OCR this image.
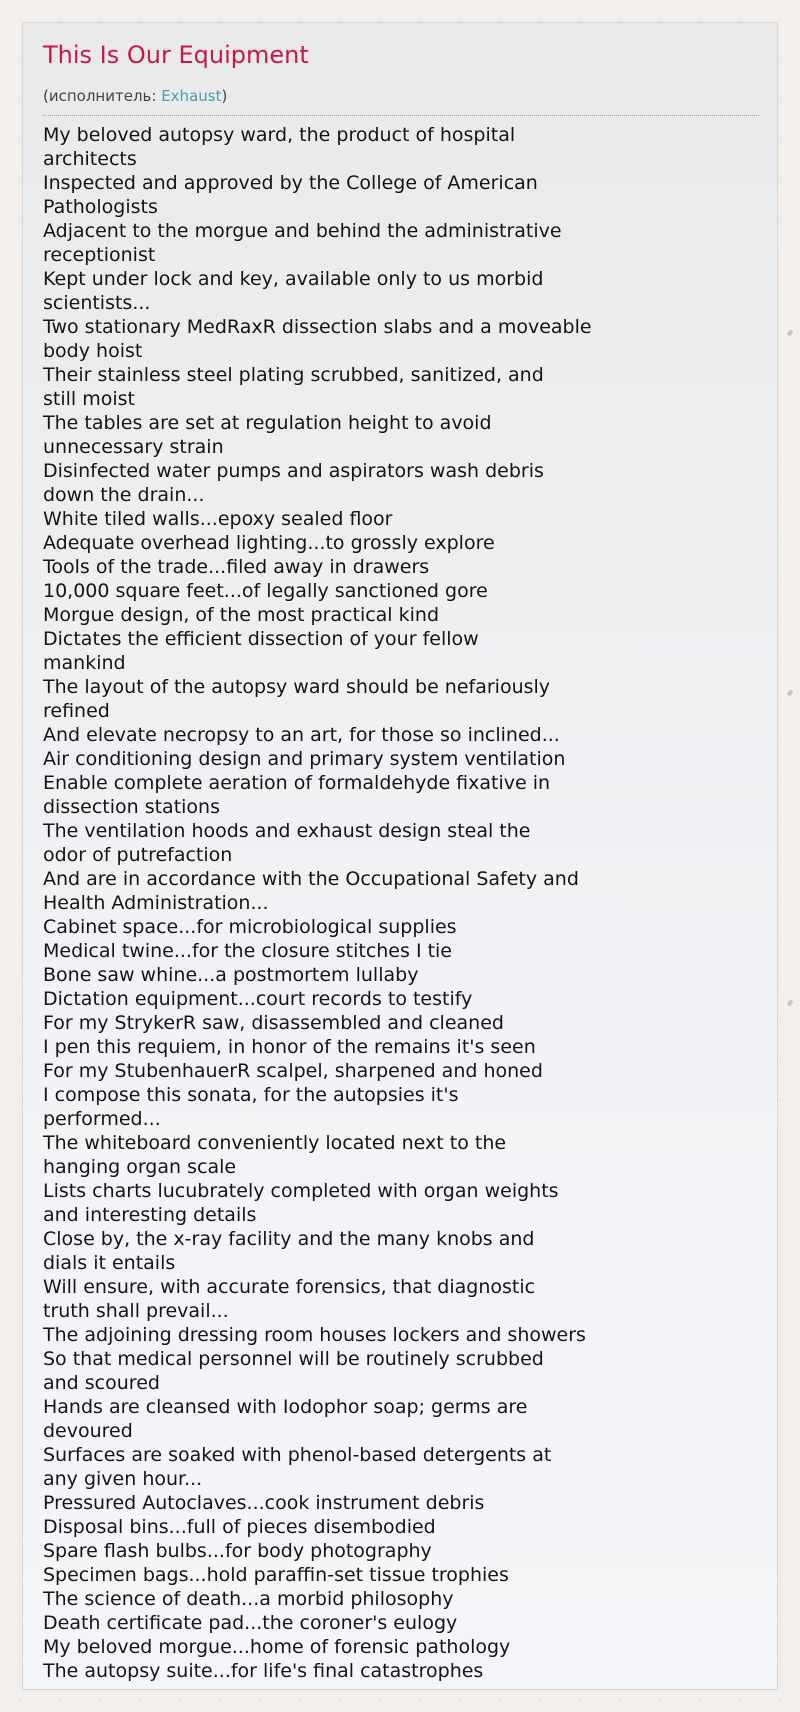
This Is Our Equipment
(исполнитель: Exhaust)
My beloved autopsy ward, the product of hospital
architects
Inspected and approved by the College of American
Pathologists
Adjacent to the morgue and behind the administrative
receptionist
Kept under lock and key, available only to us morbid
scientists...
Two stationary MedRaxR dissection slabs and a moveable
body hoist
Their stainless steel plating scrubbed, sanitized, and
still moist
The tables are set at regulation height to avoid
unnecessary strain
Disinfected water pumps and aspirators wash debris
down the drain...
White tiled walls...epoxy sealed floor
Adequate overhead lighting...to grossly explore
Tools of the trade...filed away in drawers
10,000 square feet...of legally sanctioned gore
Morgue design, of the most practical kind
Dictates the efficient dissection of your fellow
mankind
The layout of the autopsy ward should be nefariously
refined
And elevate necropsy to an art, for those so inclined...
Air conditioning design and primary system ventilation
Enable complete aeration of formaldehyde fixative in
dissection stations
The ventilation hoods and exhaust design steal the
odor of putrefaction
And are in accordance with the Occupational Safety and
Health Administration...
Cabinet space...for microbiological supplies
Medical twine...for the closure stitches I tie
Bone saw whine...a postmortem lullaby
Dictation equipment...court records to testify
For my StrykerR saw, disassembled and cleaned
I pen this requiem, in honor of the remains it's seen
For my StubenhauerR scalpel, sharpened and honed
I compose this sonata, for the autopsies it's
performed...
The whiteboard conveniently located next to the
hanging organ scale
Lists charts lucubrately completed with organ weights
and interesting details
Close by, the x-ray facility and the many knobs and
dials it entails
Will ensure, with accurate forensics, that diagnostic
truth shall prevail...
The adjoining dressing room houses lockers and showers
So that medical personnel will be routinely scrubbed
and scoured
Hands are cleansed with Iodophor soap; germs are
devoured
Surfaces are soaked with phenol-based detergents at
any given hour...
Pressured Autoclaves...cook instrument debris
Disposal bins...full of pieces disembodied
Spare flash bulbs...for body photography
Specimen bags...hold paraffin-set tissue trophies
The science of death...a morbid philosophy
Death certificate pad...the coroner's eulogy
My beloved morgue...home of forensic pathology
The autopsy suite...for life's final catastrophes
